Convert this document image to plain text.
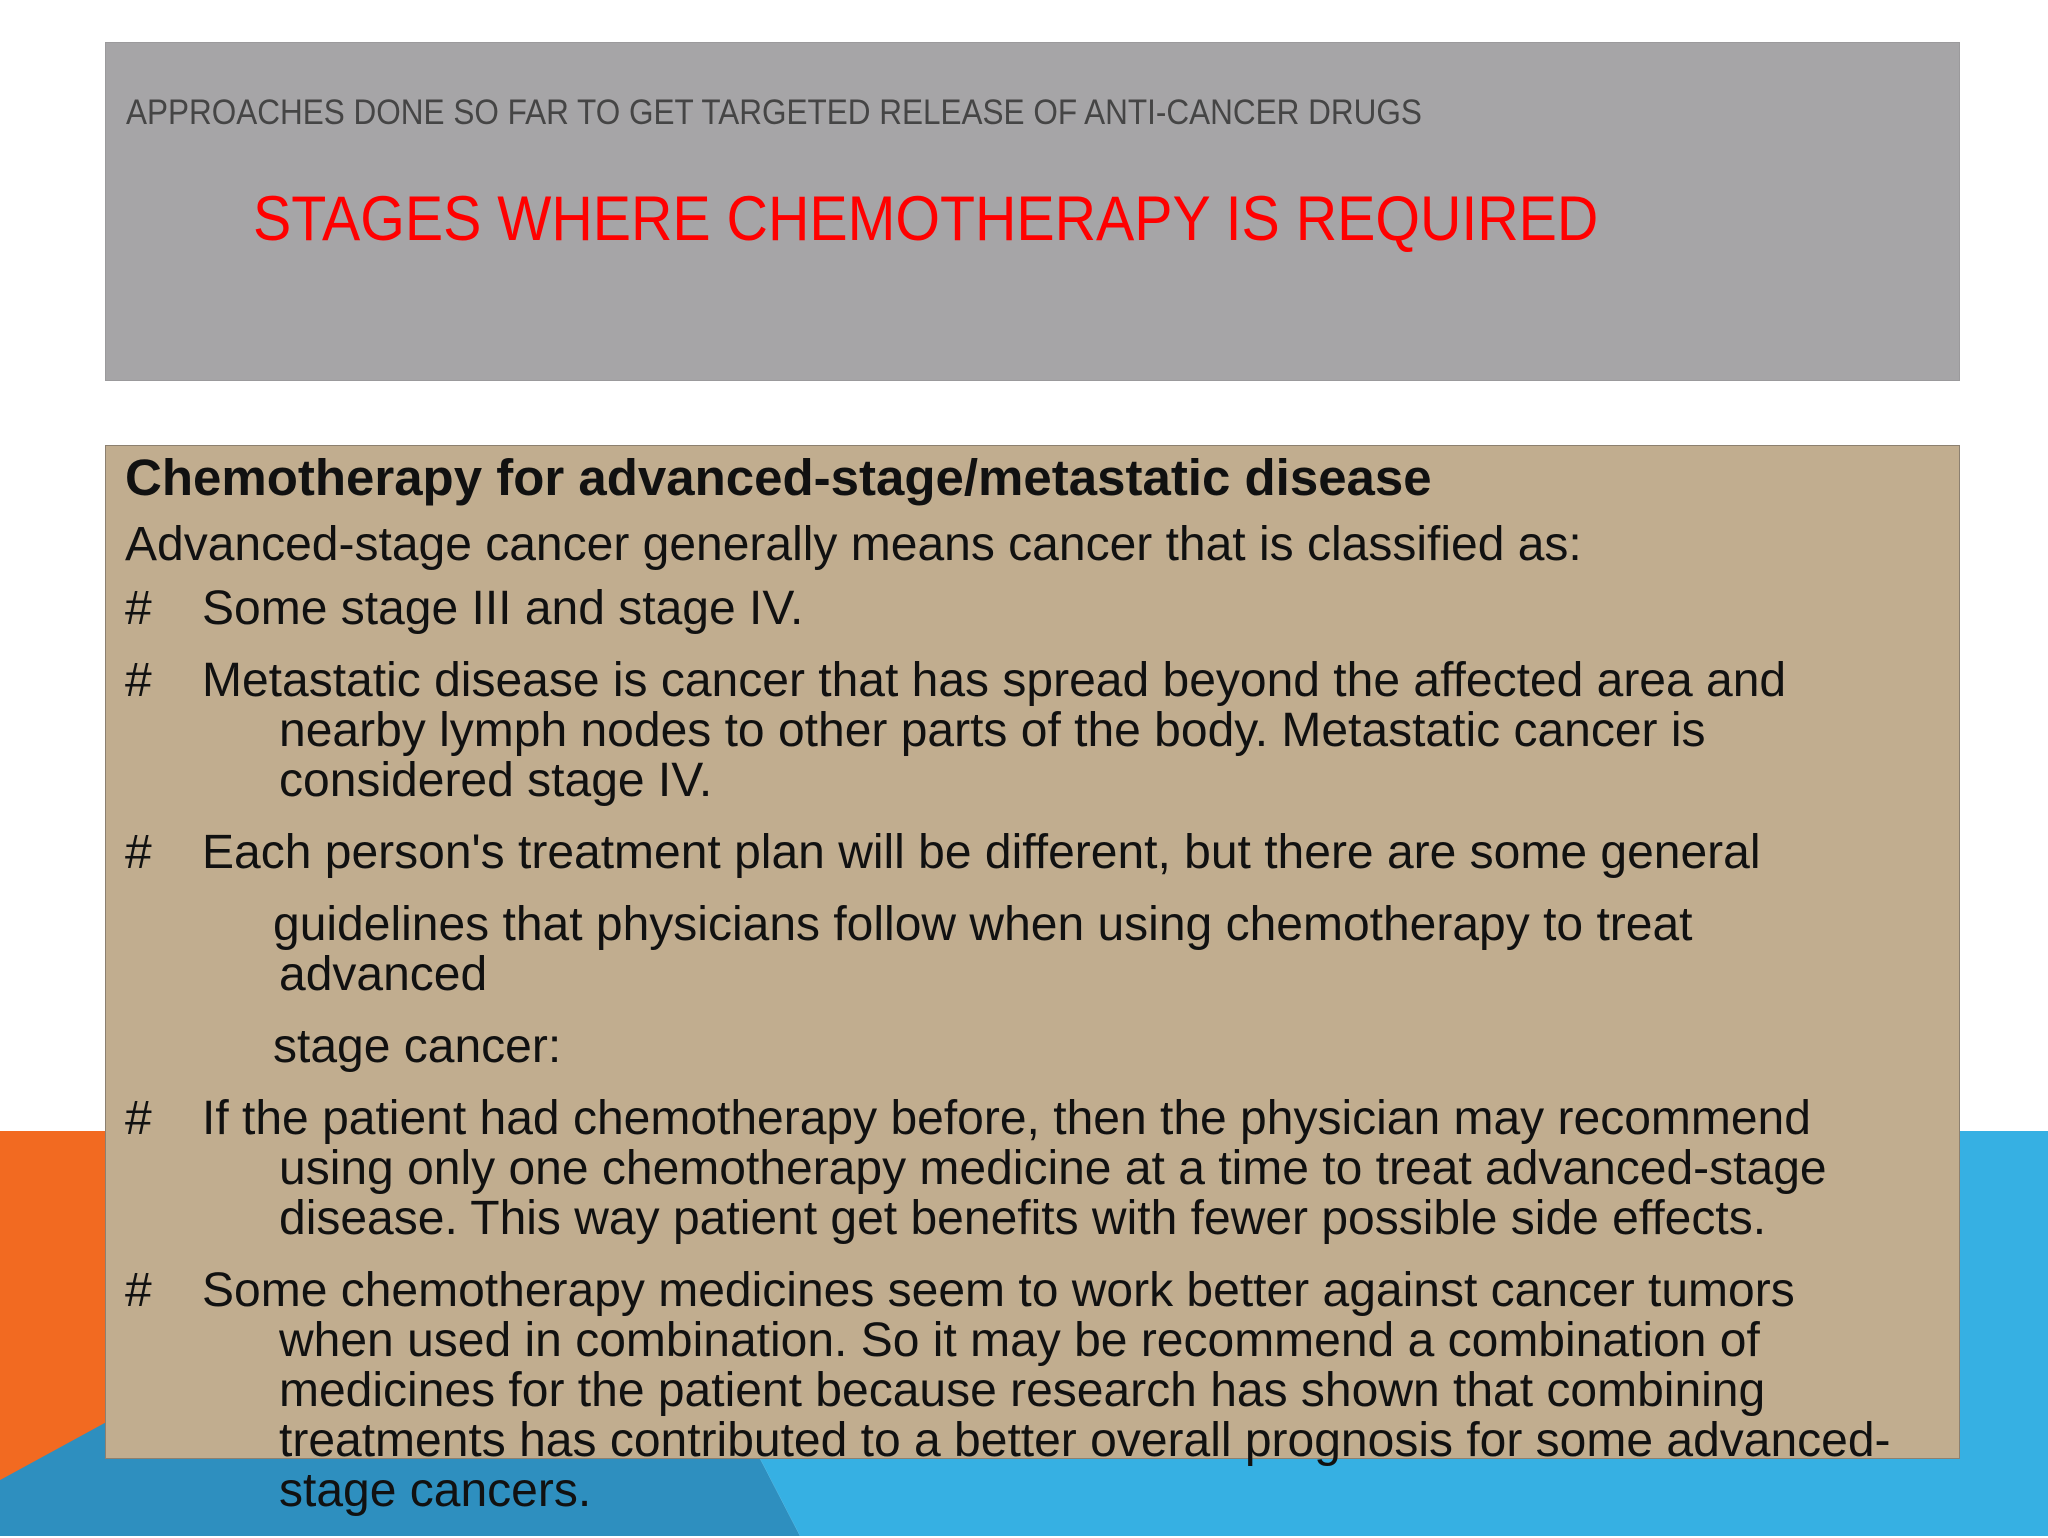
APPROACHES DONE SO FAR TO GET TARGETED RELEASE OF ANTI-CANCER DRUGS
STAGES WHERE CHEMOTHERAPY IS REQUIRED
Chemotherapy for advanced-stage/metastatic disease
Advanced-stage cancer generally means cancer that is classified as:
# Some stage III and stage IV.
# Metastatic disease is cancer that has spread beyond the affected area and
nearby lymph nodes to other parts of the body. Metastatic cancer is
considered stage IV.
# Each person's treatment plan will be different, but there are some general
guidelines that physicians follow when using chemotherapy to treat
advanced
stage cancer:
# If the patient had chemotherapy before, then the physician may recommend
using only one chemotherapy medicine at a time to treat advanced-stage
disease. This way patient get benefits with fewer possible side effects.
# Some chemotherapy medicines seem to work better against cancer tumors
when used in combination. So it may be recommend a combination of
medicines for the patient because research has shown that combining
treatments has contributed to a better overall prognosis for some advanced-
stage cancers.
